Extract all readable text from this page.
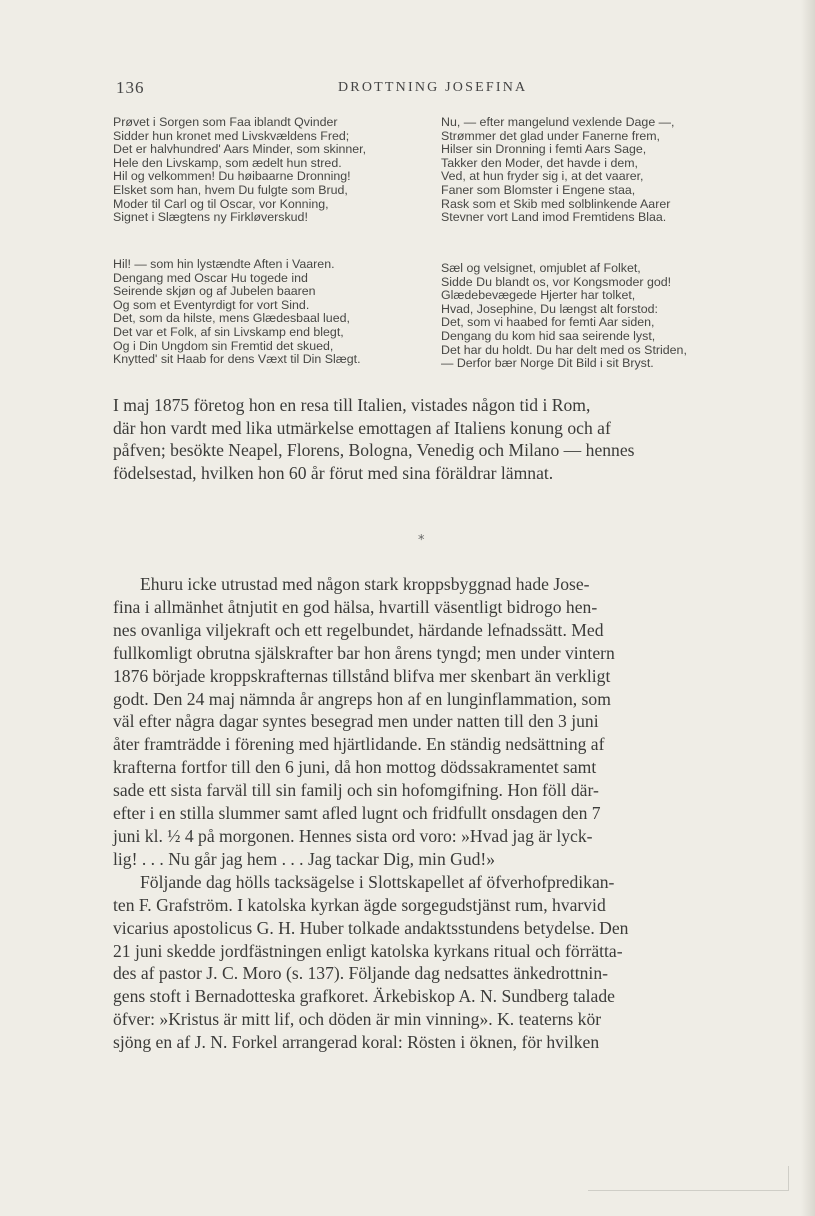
136	DROTTNING JOSEFINA
Prøvet i Sorgen som Faa iblandt Qvinder
Sidder hun kronet med Livskvældens Fred;
Det er halvhundred' Aars Minder, som skinner,
Hele den Livskamp, som ædelt hun stred.
Hil og velkommen! Du høibaarne Dronning!
Elsket som han, hvem Du fulgte som Brud,
Moder til Carl og til Oscar, vor Konning,
Signet i Slægtens ny Firkløverskud!
Nu, — efter mangelund vexlende Dage —,
Strømmer det glad under Fanerne frem,
Hilser sin Dronning i femti Aars Sage,
Takker den Moder, det havde i dem,
Ved, at hun fryder sig i, at det vaarer,
Faner som Blomster i Engene staa,
Rask som et Skib med solblinkende Aarer
Stevner vort Land imod Fremtidens Blaa.
Hil! — som hin lystændte Aften i Vaaren.
Dengang med Oscar Hu togede ind
Seirende skjøn og af Jubelen baaren
Og som et Eventyrdigt for vort Sind.
Det, som da hilste, mens Glædesbaal lued,
Det var et Folk, af sin Livskamp end blegt,
Og i Din Ungdom sin Fremtid det skued,
Knytted' sit Haab for dens Væxt til Din Slægt.
Sæl og velsignet, omjublet af Folket,
Sidde Du blandt os, vor Kongsmoder god!
Glædebevægede Hjerter har tolket,
Hvad, Josephine, Du længst alt forstod:
Det, som vi haabed for femti Aar siden,
Dengang du kom hid saa seirende lyst,
Det har du holdt. Du har delt med os Striden,
— Derfor bær Norge Dit Bild i sit Bryst.

I maj 1875 företog hon en resa till Italien, vistades någon tid i Rom,
där hon vardt med lika utmärkelse emottagen af Italiens konung och af
påfven; besökte Neapel, Florens, Bologna, Venedig och Milano — hennes
födelsestad, hvilken hon 60 år förut med sina föräldrar lämnat.

*

Ehuru icke utrustad med någon stark kroppsbyggnad hade Jose-
fina i allmänhet åtnjutit en god hälsa, hvartill väsentligt bidrogo hen-
nes ovanliga viljekraft och ett regelbundet, härdande lefnadssätt. Med
fullkomligt obrutna själskrafter bar hon årens tyngd; men under vintern
1876 började kroppskrafternas tillstånd blifva mer skenbart än verkligt
godt. Den 24 maj nämnda år angreps hon af en lunginflammation, som
väl efter några dagar syntes besegrad men under natten till den 3 juni
åter framträdde i förening med hjärtlidande. En ständig nedsättning af
krafterna fortfor till den 6 juni, då hon mottog dödssakramentet samt
sade ett sista farväl till sin familj och sin hofomgifning. Hon föll där-
efter i en stilla slummer samt afled lugnt och fridfullt onsdagen den 7
juni kl. ½ 4 på morgonen. Hennes sista ord voro: »Hvad jag är lyck-
lig! . . . Nu går jag hem . . . Jag tackar Dig, min Gud!»
Följande dag hölls tacksägelse i Slottskapellet af öfverhofpredikan-
ten F. Grafström. I katolska kyrkan ägde sorgegudstjänst rum, hvarvid
vicarius apostolicus G. H. Huber tolkade andaktsstundens betydelse. Den
21 juni skedde jordfästningen enligt katolska kyrkans ritual och förrätta-
des af pastor J. C. Moro (s. 137). Följande dag nedsattes änkedrottnin-
gens stoft i Bernadotteska grafkoret. Ärkebiskop A. N. Sundberg talade
öfver: »Kristus är mitt lif, och döden är min vinning». K. teaterns kör
sjöng en af J. N. Forkel arrangerad koral: Rösten i öknen, för hvilken
